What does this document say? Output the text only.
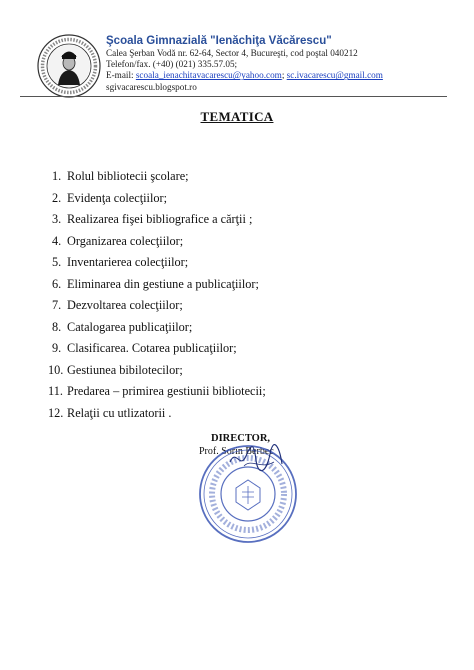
Şcoala Gimnazială "Ienăchiţa Văcărescu"
Calea Şerban Vodă nr. 62-64, Sector 4, Bucureşti, cod poştal 040212
Telefon/fax. (+40) (021) 335.57.05;
E-mail: scoala_ienachitavacarescu@yahoo.com; sc.ivacarescu@gmail.com
sgivacarescu.blogspot.ro
TEMATICA
1. Rolul bibliotecii şcolare;
2. Evidenţa colecţiilor;
3. Realizarea fişei bibliografice a cărţii ;
4. Organizarea colecţiilor;
5. Inventarierea colecţiilor;
6. Eliminarea din gestiune a publicaţiilor;
7. Dezvoltarea colecţiilor;
8. Catalogarea publicaţiilor;
9. Clasificarea. Cotarea publicaţiilor;
10. Gestiunea bibilotecilor;
11. Predarea – primirea gestiunii bibliotecii;
12. Relaţii cu utlizatorii .
DIRECTOR,
Prof. Sorin Berbec
